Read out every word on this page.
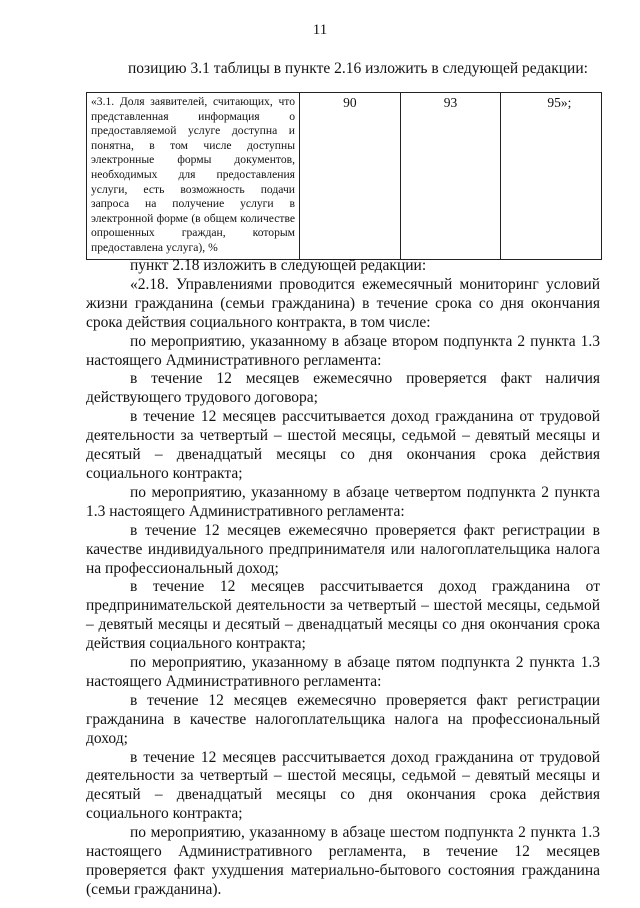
11
позицию 3.1 таблицы в пункте 2.16 изложить в следующей редакции:
«3.1. Доля заявителей, считающих, что представленная информация о предоставляемой услуге доступна и понятна, в том числе доступны электронные формы документов, необходимых для предоставления услуги, есть возможность подачи запроса на получение услуги в электронной форме (в общем количестве опрошенных граждан, которым предоставлена услуга), %	90	93	95»;

пункт 2.18 изложить в следующей редакции:

«2.18. Управлениями проводится ежемесячный мониторинг условий жизни гражданина (семьи гражданина) в течение срока со дня окончания срока действия социального контракта, в том числе:

по мероприятию, указанному в абзаце втором подпункта 2 пункта 1.3 настоящего Административного регламента:

в течение 12 месяцев ежемесячно проверяется факт наличия действующего трудового договора;

в течение 12 месяцев рассчитывается доход гражданина от трудовой деятельности за четвертый – шестой месяцы, седьмой – девятый месяцы и десятый – двенадцатый месяцы со дня окончания срока действия социального контракта;

по мероприятию, указанному в абзаце четвертом подпункта 2 пункта 1.3 настоящего Административного регламента:

в течение 12 месяцев ежемесячно проверяется факт регистрации в качестве индивидуального предпринимателя или налогоплательщика налога на профессиональный доход;

в течение 12 месяцев рассчитывается доход гражданина от предпринимательской деятельности за четвертый – шестой месяцы, седьмой – девятый месяцы и десятый – двенадцатый месяцы со дня окончания срока действия социального контракта;

по мероприятию, указанному в абзаце пятом подпункта 2 пункта 1.3 настоящего Административного регламента:

в течение 12 месяцев ежемесячно проверяется факт регистрации гражданина в качестве налогоплательщика налога на профессиональный доход;

в течение 12 месяцев рассчитывается доход гражданина от трудовой деятельности за четвертый – шестой месяцы, седьмой – девятый месяцы и десятый – двенадцатый месяцы со дня окончания срока действия социального контракта;

по мероприятию, указанному в абзаце шестом подпункта 2 пункта 1.3 настоящего Административного регламента, в течение 12 месяцев проверяется факт ухудшения материально-бытового состояния гражданина (семьи гражданина).
